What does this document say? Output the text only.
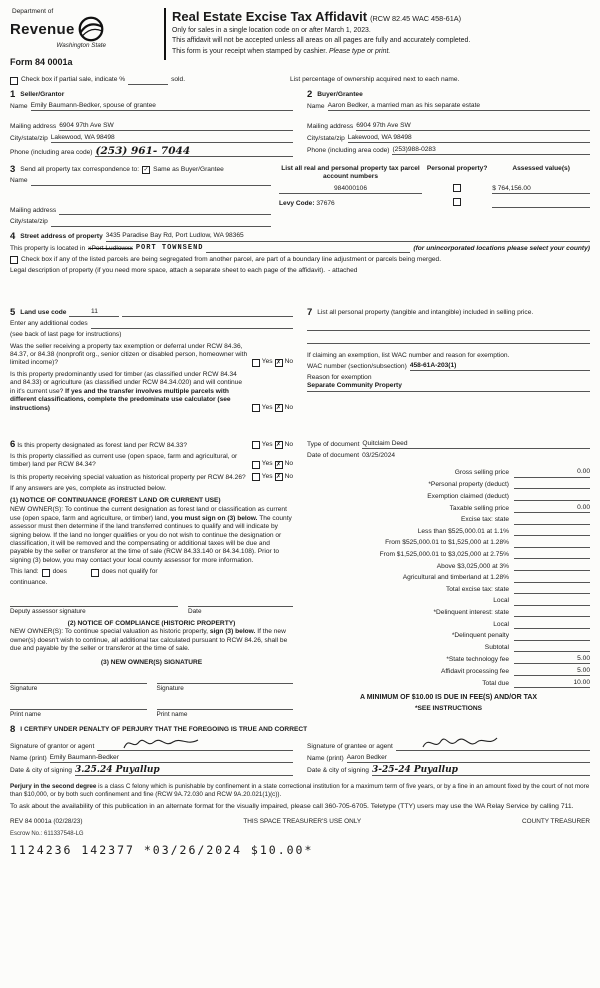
Department of
Revenue
Washington State
Form 84 0001a
Real Estate Excise Tax Affidavit (RCW 82.45 WAC 458-61A)
Only for sales in a single location code on or after March 1, 2023.
This affidavit will not be accepted unless all areas on all pages are fully and accurately completed.
This form is your receipt when stamped by cashier. Please type or print.
Check box if partial sale, indicate %	sold.	List percentage of ownership acquired next to each name.
1 Seller/Grantor
Name Emily Baumann-Bedker, spouse of grantee
Mailing address 6904 97th Ave SW
City/state/zip Lakewood, WA 98498
Phone (including area code) (253) 961- 7044
2 Buyer/Grantee
Name Aaron Bedker, a married man as his separate estate
Mailing address 6904 97th Ave SW
City/state/zip Lakewood, WA 98498
Phone (including area code) (253)988-0283
3 Send all property tax correspondence to: ✓ Same as Buyer/Grantee
Name
Mailing address
City/state/zip
List all real and personal property tax parcel account numbers
Personal property?	Assessed value(s)
984000106	$ 764,156.00
Levy Code: 37676
4 Street address of property 3435 Paradise Bay Rd, Port Ludlow, WA 98365
This property is located in xPort Ludlowxx PORT TOWNSEND	(for unincorporated locations please select your county)
Check box if any of the listed parcels are being segregated from another parcel, are part of a boundary line adjustment or parcels being merged.
Legal description of property (if you need more space, attach a separate sheet to each page of the affidavit). - attached
5 Land use code	11
Enter any additional codes
(see back of last page for instructions)
Was the seller receiving a property tax exemption or deferral under RCW 84.36, 84.37, or 84.38 (nonprofit org., senior citizen or disabled person, homeowner with limited income)?	Yes ✗ No
Is this property predominantly used for timber (as classified under RCW 84.34 and 84.33) or agriculture (as classified under RCW 84.34.020) and will continue in it's current use? If yes and the transfer involves multiple parcels with different classifications, complete the predominate use calculator (see instructions)	Yes ✗ No
7 List all personal property (tangible and intangible) included in selling price.
If claiming an exemption, list WAC number and reason for exemption.
WAC number (section/subsection) 458-61A-203(1)
Reason for exemption
Separate Community Property
6 Is this property designated as forest land per RCW 84.33?	Yes ✗ No
Is this property classified as current use (open space, farm and agricultural, or timber) land per RCW 84.34?	Yes ✗ No
Is this property receiving special valuation as historical property per RCW 84.26?	Yes ✗ No
If any answers are yes, complete as instructed below.
(1) NOTICE OF CONTINUANCE (FOREST LAND OR CURRENT USE)
NEW OWNER(S): To continue the current designation as forest land or classification as current use (open space, farm and agriculture, or timber) land, you must sign on (3) below. The county assessor must then determine if the land transferred continues to qualify and will indicate by signing below. If the land no longer qualifies or you do not wish to continue the designation or classification, it will be removed and the compensating or additional taxes will be due and payable by the seller or transferor at the time of sale (RCW 84.33.140 or 84.34.108). Prior to signing (3) below, you may contact your local county assessor for more information.
This land: does	does not qualify for
continuance.
Deputy assessor signature	Date
(2) NOTICE OF COMPLIANCE (HISTORIC PROPERTY)
NEW OWNER(S): To continue special valuation as historic property, sign (3) below. If the new owner(s) doesn't wish to continue, all additional tax calculated pursuant to RCW 84.26, shall be due and payable by the seller or transferor at the time of sale.
(3) NEW OWNER(S) SIGNATURE
Signature	Signature
Print name	Print name
Type of document Quitclaim Deed
Date of document 03/25/2024
Gross selling price	0.00
*Personal property (deduct)
Exemption claimed (deduct)
Taxable selling price	0.00
Excise tax: state
Less than $525,000.01 at 1.1%
From $525,000.01 to $1,525,000 at 1.28%
From $1,525,000.01 to $3,025,000 at 2.75%
Above $3,025,000 at 3%
Agricultural and timberland at 1.28%
Total excise tax: state
Local
*Delinquent interest: state
Local
*Delinquent penalty
Subtotal
*State technology fee	5.00
Affidavit processing fee	5.00
Total due	10.00
A MINIMUM OF $10.00 IS DUE IN FEE(S) AND/OR TAX
*SEE INSTRUCTIONS
8 I CERTIFY UNDER PENALTY OF PERJURY THAT THE FOREGOING IS TRUE AND CORRECT
Signature of grantor or agent
Name (print) Emily Baumann-Bedker
Date & city of signing 3.25.24 Puyallup
Signature of grantee or agent
Name (print) Aaron Bedker
Date & city of signing 3-25-24 Puyallup
Perjury in the second degree is a class C felony which is punishable by confinement in a state correctional institution for a maximum term of five years, or by a fine in an amount fixed by the court of not more than $10,000, or by both such confinement and fine (RCW 9A.72.030 and RCW 9A.20.021(1)(c)).
To ask about the availability of this publication in an alternate format for the visually impaired, please call 360-705-6705. Teletype (TTY) users may use the WA Relay Service by calling 711.
REV 84 0001a (02/28/23)	THIS SPACE TREASURER'S USE ONLY	COUNTY TREASURER
Escrow No.: 611337548-LG
1124236 142377 *03/26/2024 $10.00*
